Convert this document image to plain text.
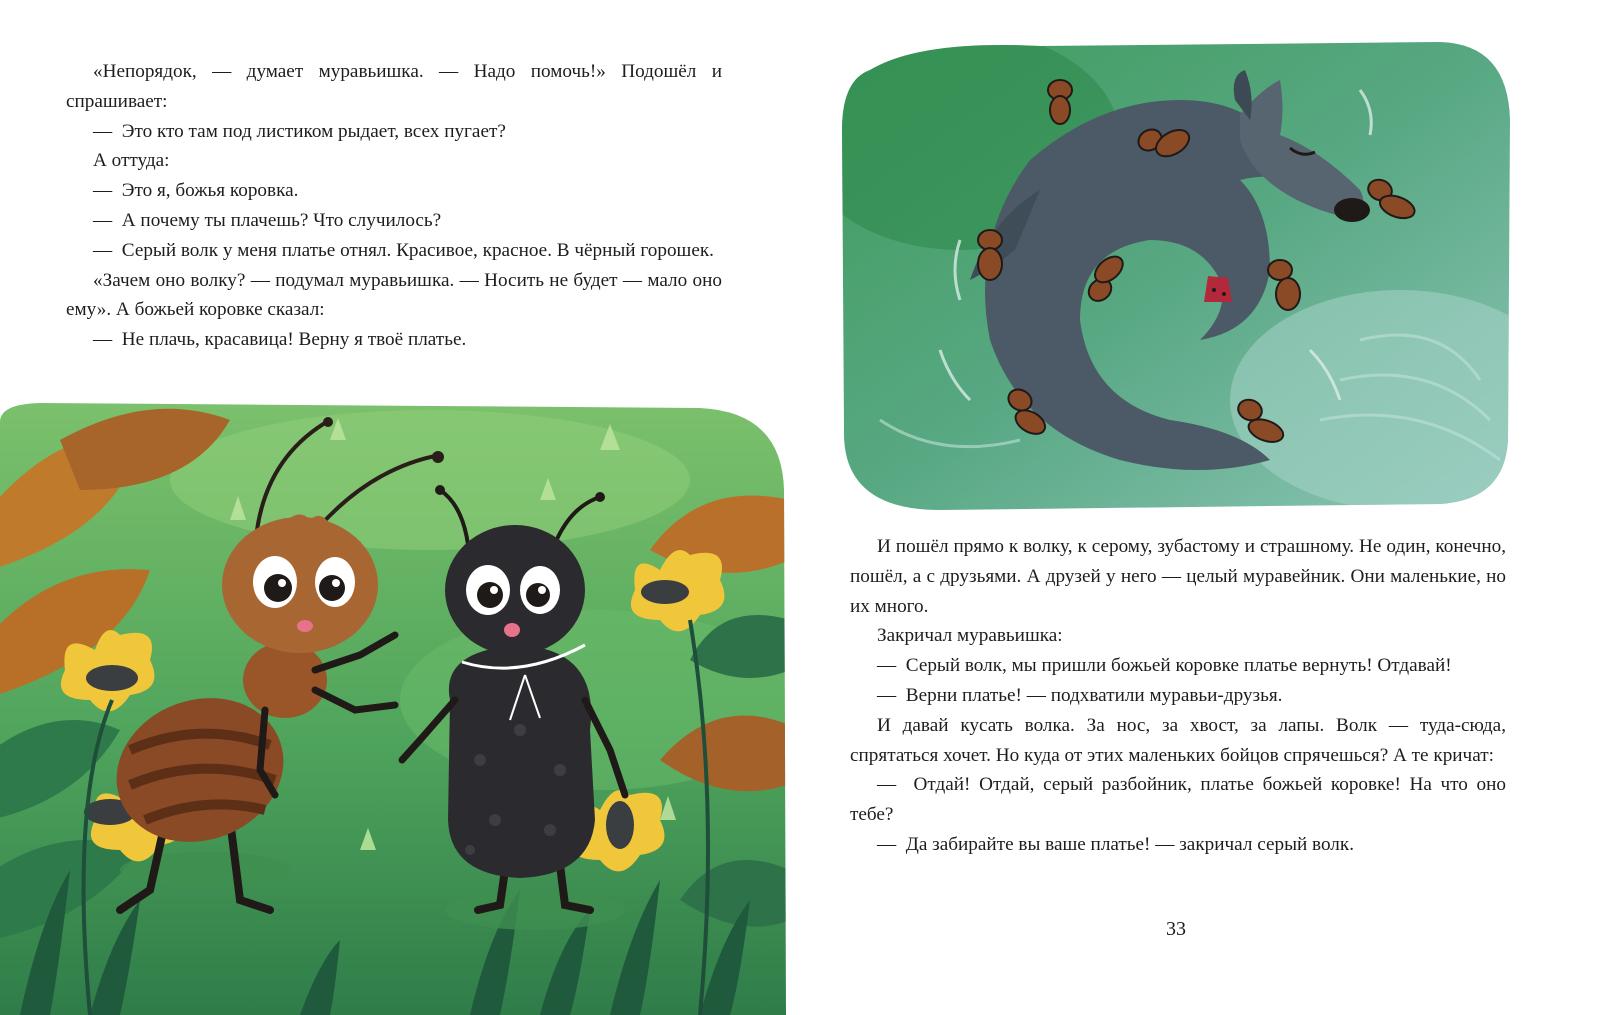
«Непорядок, — думает муравьишка. — Надо помочь!» Подошёл и спрашивает:

—  Это кто там под листиком рыдает, всех пугает?

А оттуда:

—  Это я, божья коровка.

—  А почему ты плачешь? Что случилось?

—  Серый волк у меня платье отнял. Красивое, красное. В чёрный горошек.

«Зачем оно волку? — подумал муравьишка. — Носить не будет — мало оно ему». А божьей коровке сказал:

—  Не плачь, красавица! Верну я твоё платье.

И пошёл прямо к волку, к серому, зубастому и страшному. Не один, конечно, пошёл, а с друзьями. А друзей у него — целый муравейник. Они маленькие, но их много.

Закричал муравьишка:

—  Серый волк, мы пришли божьей коровке платье вернуть! Отдавай!

—  Верни платье! — подхватили муравьи-друзья.

И давай кусать волка. За нос, за хвост, за лапы. Волк — туда-сюда, спрятаться хочет. Но куда от этих маленьких бойцов спрячешься? А те кричат:

—  Отдай! Отдай, серый разбойник, платье божьей коровке! На что оно тебе?

—  Да забирайте вы ваше платье! — закричал серый волк.

33
